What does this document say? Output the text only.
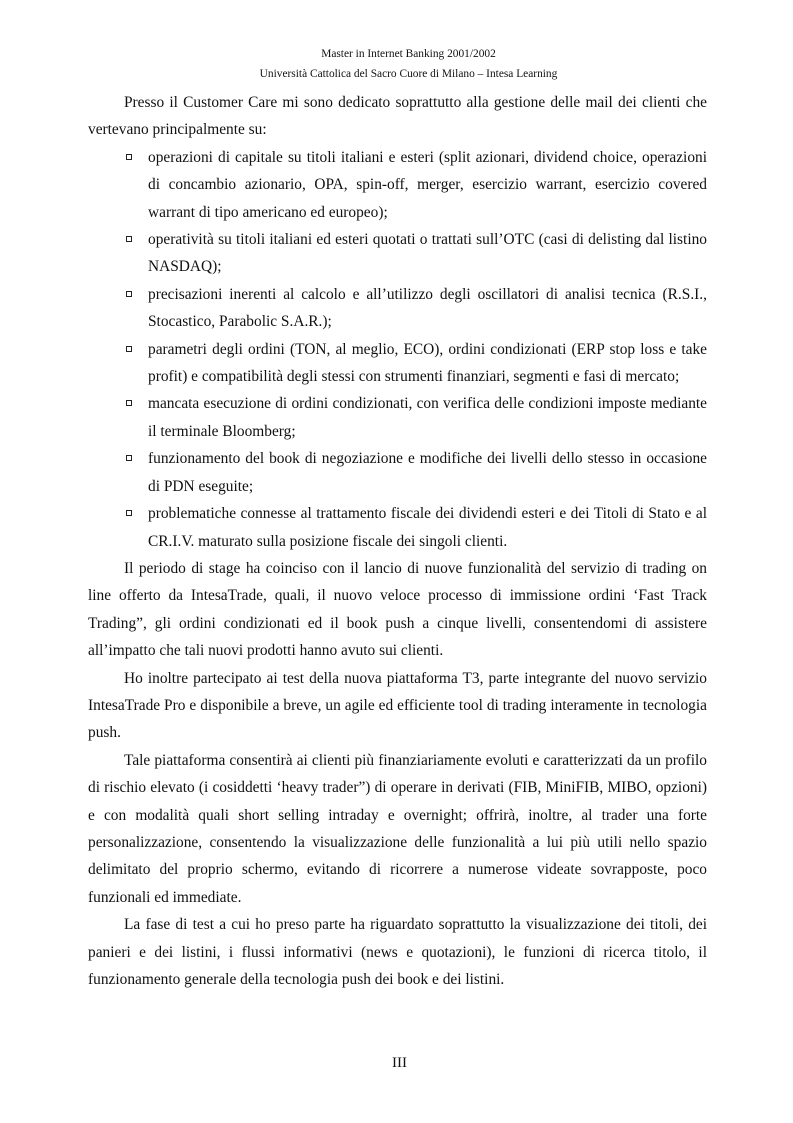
Master in Internet Banking 2001/2002
Università Cattolica del Sacro Cuore di Milano – Intesa Learning

Presso il Customer Care mi sono dedicato soprattutto alla gestione delle mail dei clienti che vertevano principalmente su:

operazioni di capitale su titoli italiani e esteri (split azionari, dividend choice, operazioni di concambio azionario, OPA, spin-off, merger, esercizio warrant, esercizio covered warrant di tipo americano ed europeo);
operatività su titoli italiani ed esteri quotati o trattati sull’OTC (casi di delisting dal listino NASDAQ);
precisazioni inerenti al calcolo e all’utilizzo degli oscillatori di analisi tecnica (R.S.I., Stocastico, Parabolic S.A.R.);
parametri degli ordini (TON, al meglio, ECO), ordini condizionati (ERP stop loss e take profit) e compatibilità degli stessi con strumenti finanziari, segmenti e fasi di mercato;
mancata esecuzione di ordini condizionati, con verifica delle condizioni imposte mediante il terminale Bloomberg;
funzionamento del book di negoziazione e modifiche dei livelli dello stesso in occasione di PDN eseguite;
problematiche connesse al trattamento fiscale dei dividendi esteri e dei Titoli di Stato e al CR.I.V. maturato sulla posizione fiscale dei singoli clienti.

Il periodo di stage ha coinciso con il lancio di nuove funzionalità del servizio di trading on line offerto da IntesaTrade, quali, il nuovo veloce processo di immissione ordini ‘Fast Track Trading”, gli ordini condizionati ed il book push a cinque livelli, consentendomi di assistere all’impatto che tali nuovi prodotti hanno avuto sui clienti.

Ho inoltre partecipato ai test della nuova piattaforma T3, parte integrante del nuovo servizio IntesaTrade Pro e disponibile a breve, un agile ed efficiente tool di trading interamente in tecnologia push.

Tale piattaforma consentirà ai clienti più finanziariamente evoluti e caratterizzati da un profilo di rischio elevato (i cosiddetti ‘heavy trader”) di operare in derivati (FIB, MiniFIB, MIBO, opzioni) e con modalità quali short selling intraday e overnight; offrirà, inoltre, al trader una forte personalizzazione, consentendo la visualizzazione delle funzionalità a lui più utili nello spazio delimitato del proprio schermo, evitando di ricorrere a numerose videate sovrapposte, poco funzionali ed immediate.

La fase di test a cui ho preso parte ha riguardato soprattutto la visualizzazione dei titoli, dei panieri e dei listini, i flussi informativi (news e quotazioni), le funzioni di ricerca titolo, il funzionamento generale della tecnologia push dei book e dei listini.

III
